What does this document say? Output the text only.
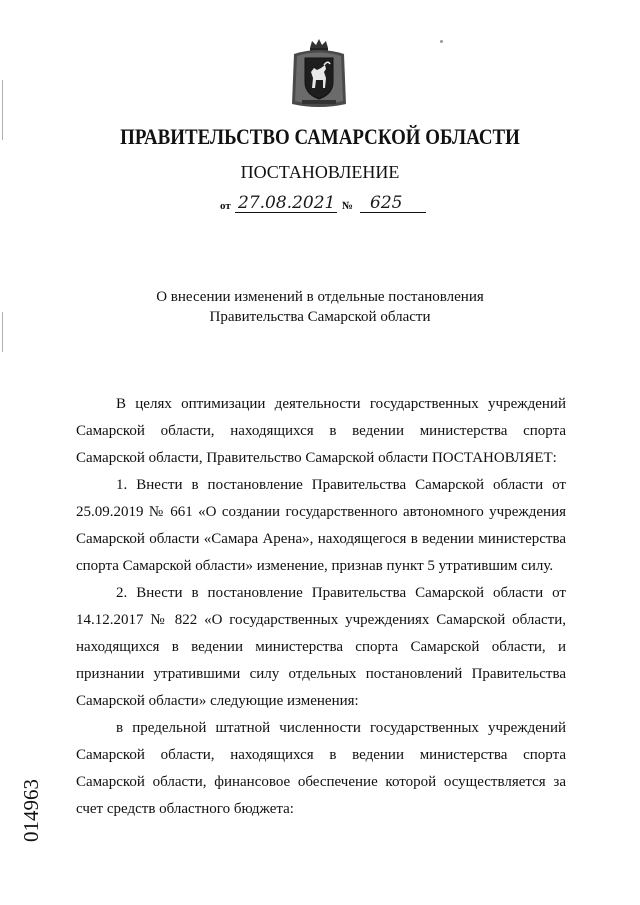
ПРАВИТЕЛЬСТВО САМАРСКОЙ ОБЛАСТИ
ПОСТАНОВЛЕНИЕ
от 27.08.2021 № 625
О внесении изменений в отдельные постановления
Правительства Самарской области

В целях оптимизации деятельности государственных учреждений Самарской области, находящихся в ведении министерства спорта Самарской области, Правительство Самарской области ПОСТАНОВЛЯЕТ:

1. Внести в постановление Правительства Самарской области от 25.09.2019 № 661 «О создании государственного автономного учреждения Самарской области «Самара Арена», находящегося в ведении министерства спорта Самарской области» изменение, признав пункт 5 утратившим силу.

2. Внести в постановление Правительства Самарской области от 14.12.2017 № 822 «О государственных учреждениях Самарской области, находящихся в ведении министерства спорта Самарской области, и признании утратившими силу отдельных постановлений Правительства Самарской области» следующие изменения:

в предельной штатной численности государственных учреждений Самарской области, находящихся в ведении министерства спорта Самарской области, финансовое обеспечение которой осуществляется за счет средств областного бюджета:

014963
